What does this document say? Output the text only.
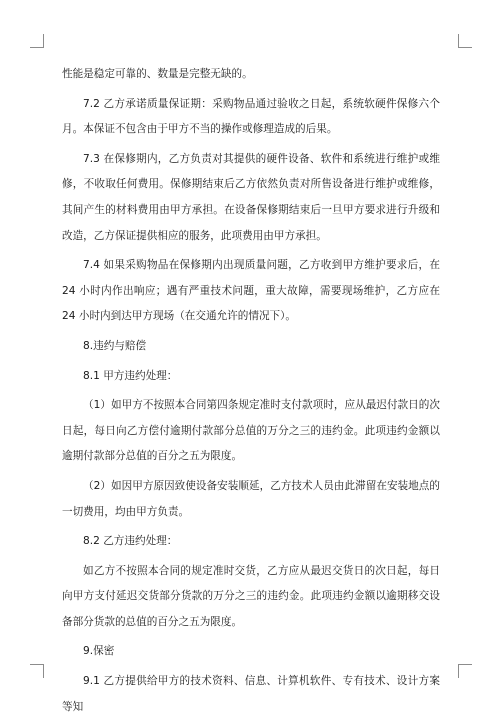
性能是稳定可靠的、数量是完整无缺的。

7.2 乙方承诺质量保证期：采购物品通过验收之日起，系统软硬件保修六个月。本保证不包含由于甲方不当的操作或修理造成的后果。

7.3 在保修期内，乙方负责对其提供的硬件设备、软件和系统进行维护或维修，不收取任何费用。保修期结束后乙方依然负责对所售设备进行维护或维修，其间产生的材料费用由甲方承担。在设备保修期结束后一旦甲方要求进行升级和改造，乙方保证提供相应的服务，此项费用由甲方承担。

7.4 如果采购物品在保修期内出现质量问题，乙方收到甲方维护要求后，在 24 小时内作出响应；遇有严重技术问题，重大故障，需要现场维护，乙方应在 24 小时内到达甲方现场（在交通允许的情况下）。

8.违约与赔偿

8.1 甲方违约处理：

（1）如甲方不按照本合同第四条规定准时支付款项时，应从最迟付款日的次日起，每日向乙方偿付逾期付款部分总值的万分之三的违约金。此项违约金额以逾期付款部分总值的百分之五为限度。

（2）如因甲方原因致使设备安装顺延，乙方技术人员由此滞留在安装地点的一切费用，均由甲方负责。

8.2 乙方违约处理：

如乙方不按照本合同的规定准时交货，乙方应从最迟交货日的次日起，每日向甲方支付延迟交货部分货款的万分之三的违约金。此项违约金额以逾期移交设备部分货款的总值的百分之五为限度。

9.保密

9.1 乙方提供给甲方的技术资料、信息、计算机软件、专有技术、设计方案等知
